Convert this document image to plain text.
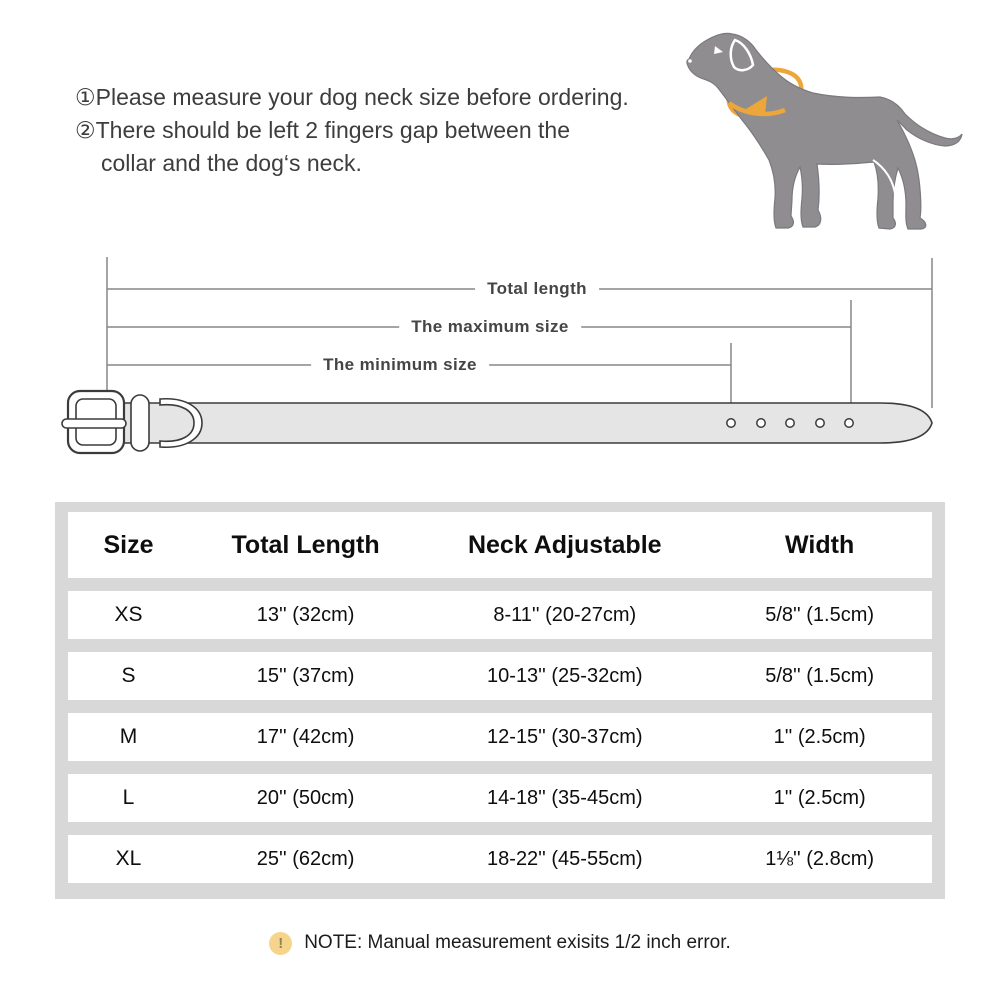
①Please measure your dog neck size before ordering.
②There should be left 2 fingers gap between the
collar and the dog‘s neck.
Total length
The maximum size
The minimum size
Size	Total Length	Neck Adjustable	Width
XS	13'' (32cm)	8-11'' (20-27cm)	5/8'' (1.5cm)
S	15'' (37cm)	10-13'' (25-32cm)	5/8'' (1.5cm)
M	17'' (42cm)	12-15'' (30-37cm)	1'' (2.5cm)
L	20'' (50cm)	14-18'' (35-45cm)	1'' (2.5cm)
XL	25'' (62cm)	18-22'' (45-55cm)	1⅛'' (2.8cm)
!	NOTE: Manual measurement exisits 1/2 inch error.
